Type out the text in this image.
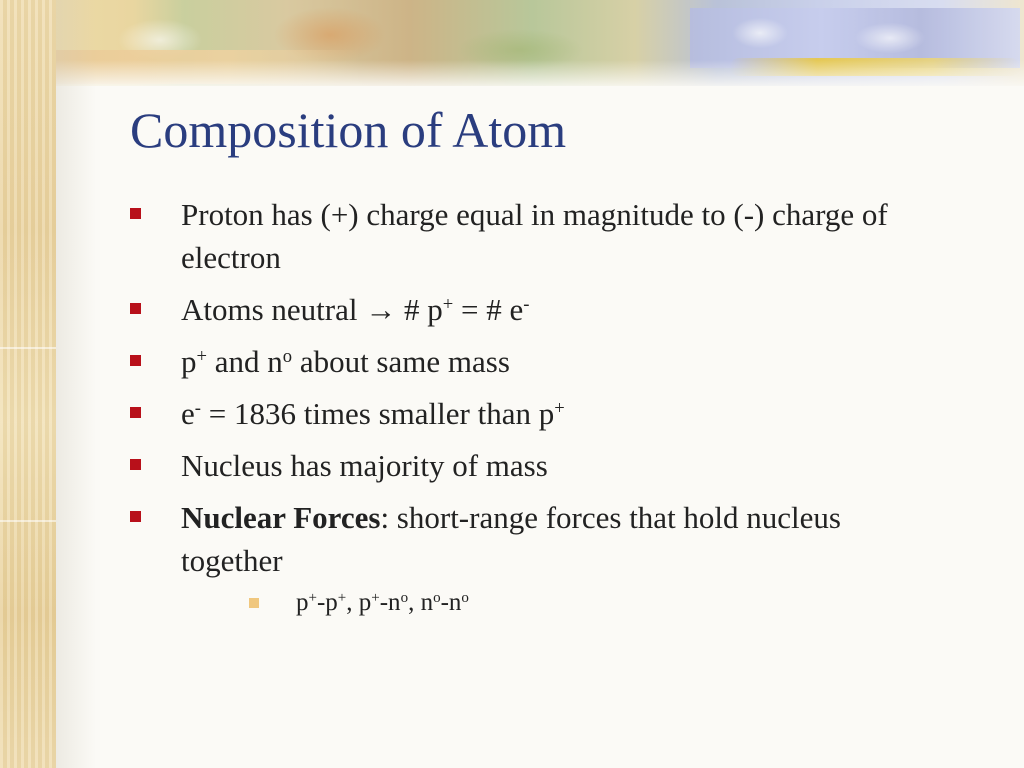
Composition of Atom
Proton has (+) charge equal in magnitude to (-) charge of electron
Atoms neutral → # p+ = # e-
p+ and $n^o$ about same mass
e- = 1836 times smaller than p+
Nucleus has majority of mass
Nuclear Forces: short-range forces that hold nucleus together
p+-p+, $p^+-n^o$, $n^o-n^o$
